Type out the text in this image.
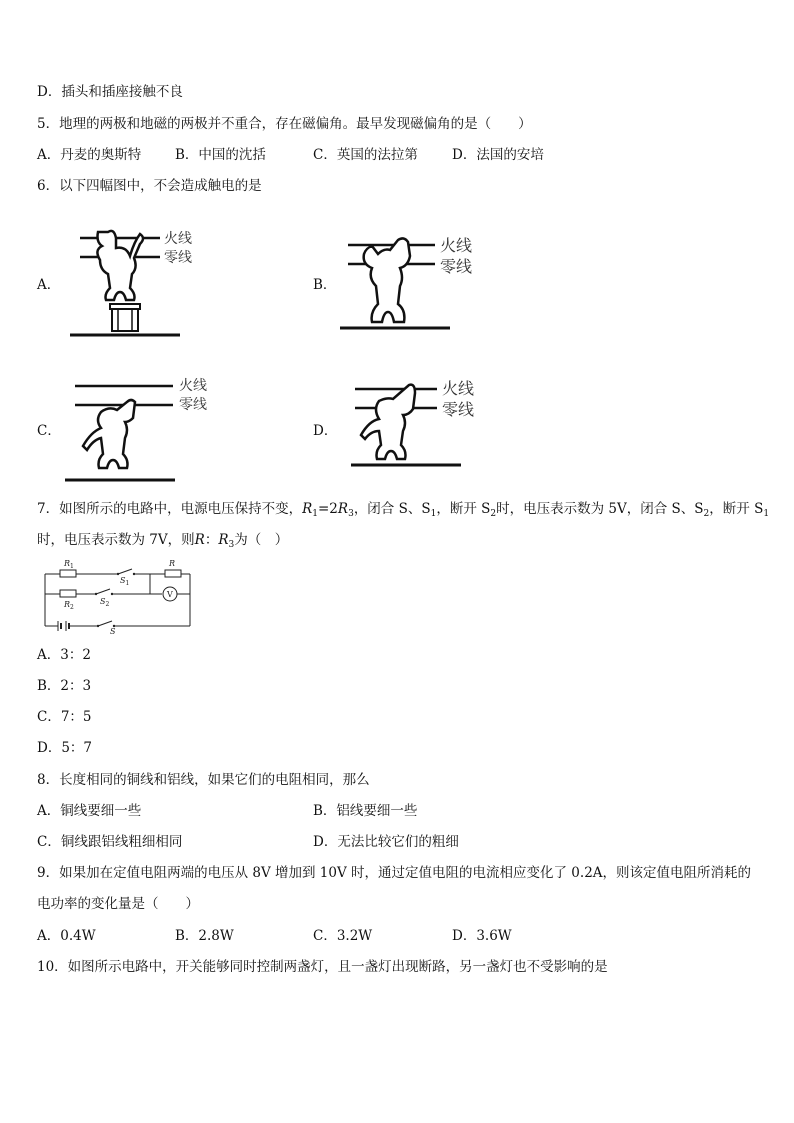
D．插头和插座接触不良
5．地理的两极和地磁的两极并不重合，存在磁偏角。最早发现磁偏角的是（　　）
A．丹麦的奥斯特	B．中国的沈括	C．英国的法拉第	D．法国的安培
6．以下四幅图中，不会造成触电的是
A．	B．
C．	D．
火线
零线
火线
零线
火线
零线
火线
零线
7．如图所示的电路中，电源电压保持不变，$R_1=2R_3$，闭合 S、$S_1$，断开 $S_2$时，电压表示数为 5V，闭合 S、$S_2$，断开 $S_1$
时，电压表示数为 7V，则R：$R_3$为（　）
$R_1$
$S_1$
R
V
$R_2$
$S_2$
S
A．3：2
B．2：3
C．7：5
D．5：7
8．长度相同的铜线和铝线，如果它们的电阻相同，那么
A．铜线要细一些	B．铝线要细一些
C．铜线跟铝线粗细相同	D．无法比较它们的粗细
9．如果加在定值电阻两端的电压从 8V 增加到 10V 时，通过定值电阻的电流相应变化了 0.2A，则该定值电阻所消耗的
电功率的变化量是（　　）
A．0.4W	B．2.8W	C．3.2W	D．3.6W
10．如图所示电路中，开关能够同时控制两盏灯，且一盏灯出现断路，另一盏灯也不受影响的是
